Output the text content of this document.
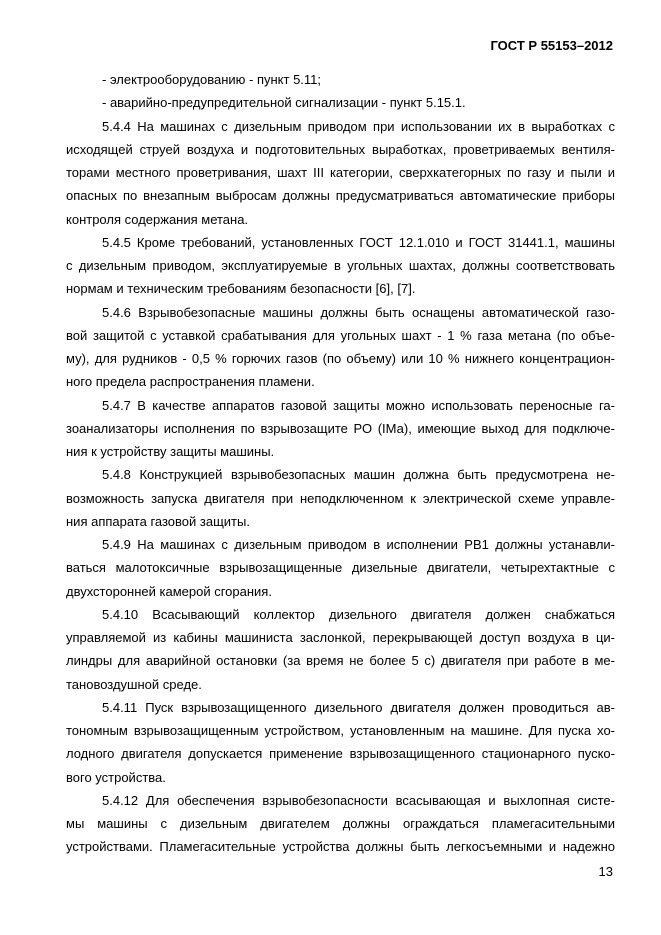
ГОСТ Р 55153–2012
- электрооборудованию - пункт 5.11;
- аварийно-предупредительной сигнализации - пункт 5.15.1.
5.4.4 На машинах с дизельным приводом при использовании их в выработках с
исходящей струей воздуха и подготовительных выработках, проветриваемых вентиля-
торами местного проветривания, шахт III категории, сверхкатегорных по газу и пыли и
опасных по внезапным выбросам должны предусматриваться автоматические приборы
контроля содержания метана.
5.4.5 Кроме требований, установленных ГОСТ 12.1.010 и ГОСТ 31441.1, машины
с дизельным приводом, эксплуатируемые в угольных шахтах, должны соответствовать
нормам и техническим требованиям безопасности [6], [7].
5.4.6 Взрывобезопасные машины должны быть оснащены автоматической газо-
вой защитой с уставкой срабатывания для угольных шахт - 1 % газа метана (по объе-
му), для рудников - 0,5 % горючих газов (по объему) или 10 % нижнего концентрацион-
ного предела распространения пламени.
5.4.7 В качестве аппаратов газовой защиты можно использовать переносные га-
зоанализаторы исполнения по взрывозащите РО (IМа), имеющие выход для подключе-
ния к устройству защиты машины.
5.4.8 Конструкцией взрывобезопасных машин должна быть предусмотрена не-
возможность запуска двигателя при неподключенном к электрической схеме управле-
ния аппарата газовой защиты.
5.4.9 На машинах с дизельным приводом в исполнении РВ1 должны устанавли-
ваться малотоксичные взрывозащищенные дизельные двигатели, четырехтактные с
двухсторонней камерой сгорания.
5.4.10 Всасывающий коллектор дизельного двигателя должен снабжаться
управляемой из кабины машиниста заслонкой, перекрывающей доступ воздуха в ци-
линдры для аварийной остановки (за время не более 5 с) двигателя при работе в ме-
тановоздушной среде.
5.4.11 Пуск взрывозащищенного дизельного двигателя должен проводиться ав-
тономным взрывозащищенным устройством, установленным на машине. Для пуска хо-
лодного двигателя допускается применение взрывозащищенного стационарного пуско-
вого устройства.
5.4.12 Для обеспечения взрывобезопасности всасывающая и выхлопная систе-
мы машины с дизельным двигателем должны ограждаться пламегасительными
устройствами. Пламегасительные устройства должны быть легкосъемными и надежно
13
